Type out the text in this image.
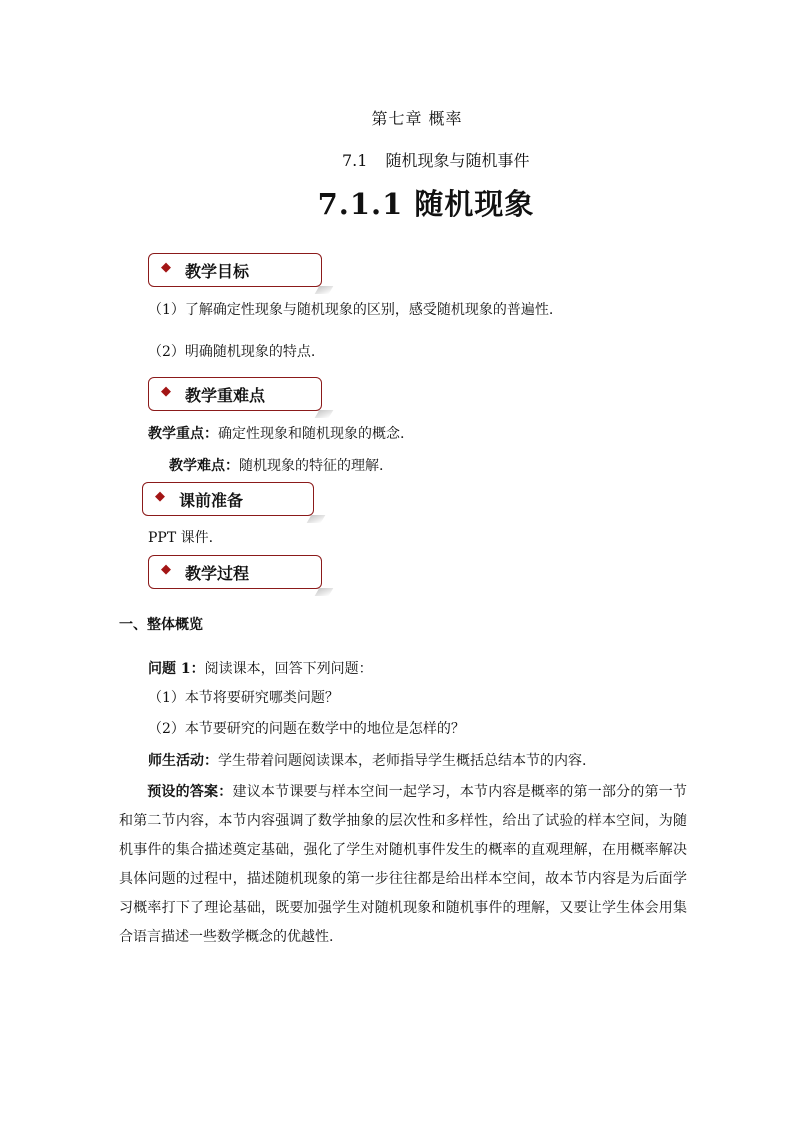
第七章 概率
7.1 随机现象与随机事件
7.1.1 随机现象
◆ 教学目标
（1）了解确定性现象与随机现象的区别，感受随机现象的普遍性.
（2）明确随机现象的特点.
◆ 教学重难点
教学重点：确定性现象和随机现象的概念.
教学难点：随机现象的特征的理解.
◆ 课前准备
PPT 课件.
◆ 教学过程
一、整体概览
问题 1：阅读课本，回答下列问题：
（1）本节将要研究哪类问题？
（2）本节要研究的问题在数学中的地位是怎样的？
师生活动：学生带着问题阅读课本，老师指导学生概括总结本节的内容.
预设的答案：建议本节课要与样本空间一起学习，本节内容是概率的第一部分的第一节和第二节内容，本节内容强调了数学抽象的层次性和多样性，给出了试验的样本空间，为随机事件的集合描述奠定基础，强化了学生对随机事件发生的概率的直观理解，在用概率解决具体问题的过程中，描述随机现象的第一步往往都是给出样本空间，故本节内容是为后面学习概率打下了理论基础，既要加强学生对随机现象和随机事件的理解，又要让学生体会用集合语言描述一些数学概念的优越性.
